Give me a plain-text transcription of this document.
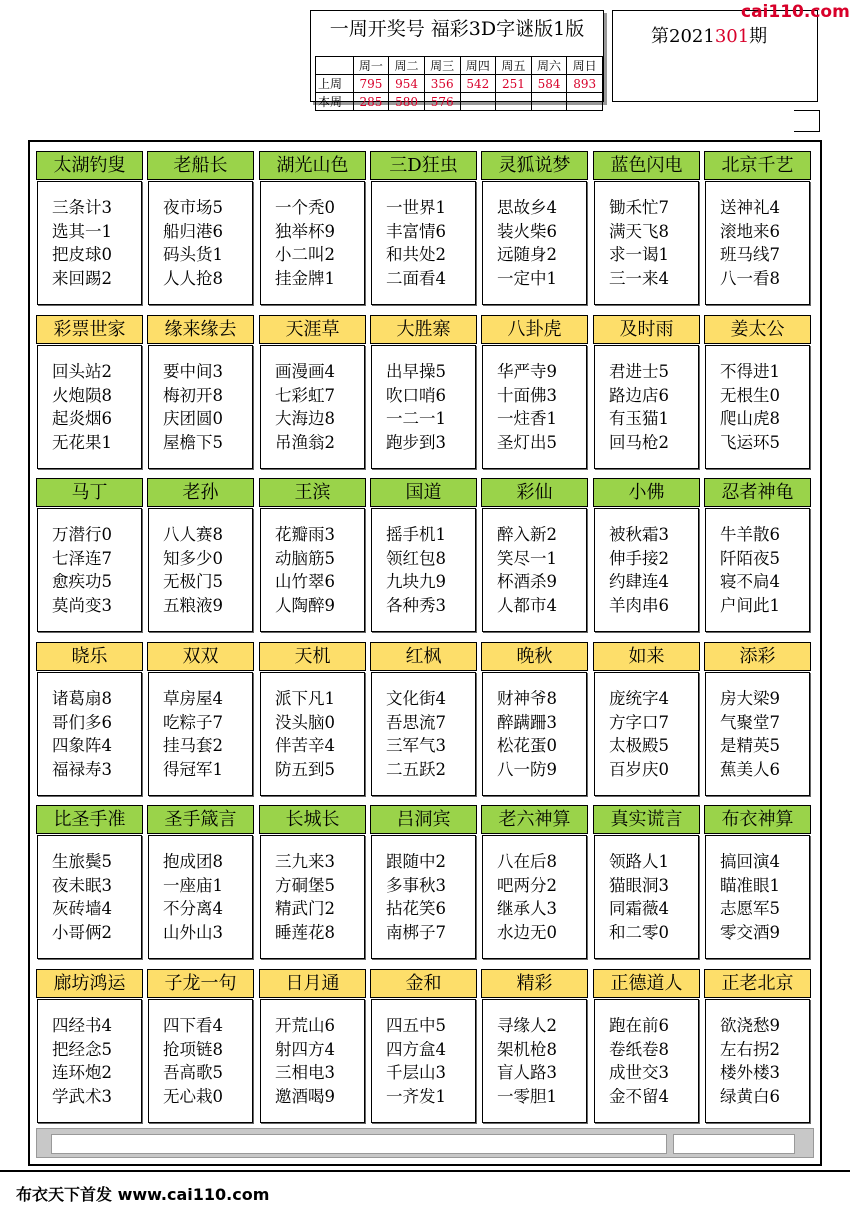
一周开奖号 福彩3D字谜版1版
	周一	周二	周三	周四	周五	周六	周日
上周	795	954	356	542	251	584	893
本周	285	580	576				
第2021301期
cai110.com
太湖钓叟
三条计3
选其一1
把皮球0
来回踢2
老船长
夜市场5
船归港6
码头货1
人人抢8
湖光山色
一个秃0
独举杯9
小二叫2
挂金牌1
三D狂虫
一世界1
丰富情6
和共处2
二面看4
灵狐说梦
思故乡4
装火柴6
远随身2
一定中1
蓝色闪电
锄禾忙7
满天飞8
求一谒1
三一来4
北京千艺
送神礼4
滚地来6
班马线7
八一看8
彩票世家
回头站2
火炮陨8
起炎烟6
无花果1
缘来缘去
要中间3
梅初开8
庆团圆0
屋檐下5
天涯草
画漫画4
七彩虹7
大海边8
吊渔翁2
大胜寨
出早操5
吹口哨6
一二一1
跑步到3
八卦虎
华严寺9
十面佛3
一炷香1
圣灯出5
及时雨
君进士5
路边店6
有玉猫1
回马枪2
姜太公
不得进1
无根生0
爬山虎8
飞运环5
马丁
万潜行0
七泽连7
愈疾功5
莫尚变3
老孙
八人赛8
知多少0
无极门5
五粮液9
王滨
花瓣雨3
动脑筋5
山竹翠6
人陶醉9
国道
摇手机1
领红包8
九块九9
各种秀3
彩仙
醉入新2
笑尽一1
杯酒杀9
人都市4
小佛
被秋霜3
伸手接2
约肆连4
羊肉串6
忍者神龟
牛羊散6
阡陌夜5
寝不扃4
户间此1
晓乐
诸葛扇8
哥们多6
四象阵4
福禄寿3
双双
草房屋4
吃粽子7
挂马套2
得冠军1
天机
派下凡1
没头脑0
伴苦辛4
防五到5
红枫
文化街4
吾思流7
三军气3
二五跃2
晚秋
财神爷8
醉蹒跚3
松花蛋0
八一防9
如来
庞统字4
方字口7
太极殿5
百岁庆0
添彩
房大梁9
气聚堂7
是精英5
蕉美人6
比圣手准
生旅鬓5
夜未眠3
灰砖墙4
小哥俩2
圣手箴言
抱成团8
一座庙1
不分离4
山外山3
长城长
三九来3
方硐堡5
精武门2
睡莲花8
吕洞宾
跟随中2
多事秋3
拈花笑6
南梆子7
老六神算
八在后8
吧两分2
继承人3
水边无0
真实谎言
领路人1
猫眼洞3
同霜薇4
和二零0
布衣神算
搞回演4
瞄准眼1
志愿军5
零交酒9
廊坊鸿运
四经书4
把经念5
连环炮2
学武术3
子龙一句
四下看4
抢项链8
吾高歌5
无心栽0
日月通
开荒山6
射四方4
三相电3
邀酒喝9
金和
四五中5
四方盒4
千层山3
一齐发1
精彩
寻缘人2
架机枪8
盲人路3
一零胆1
正德道人
跑在前6
卷纸卷8
成世交3
金不留4
正老北京
欲浇愁9
左右拐2
楼外楼3
绿黄白6
布衣天下首发 www.cai110.com
